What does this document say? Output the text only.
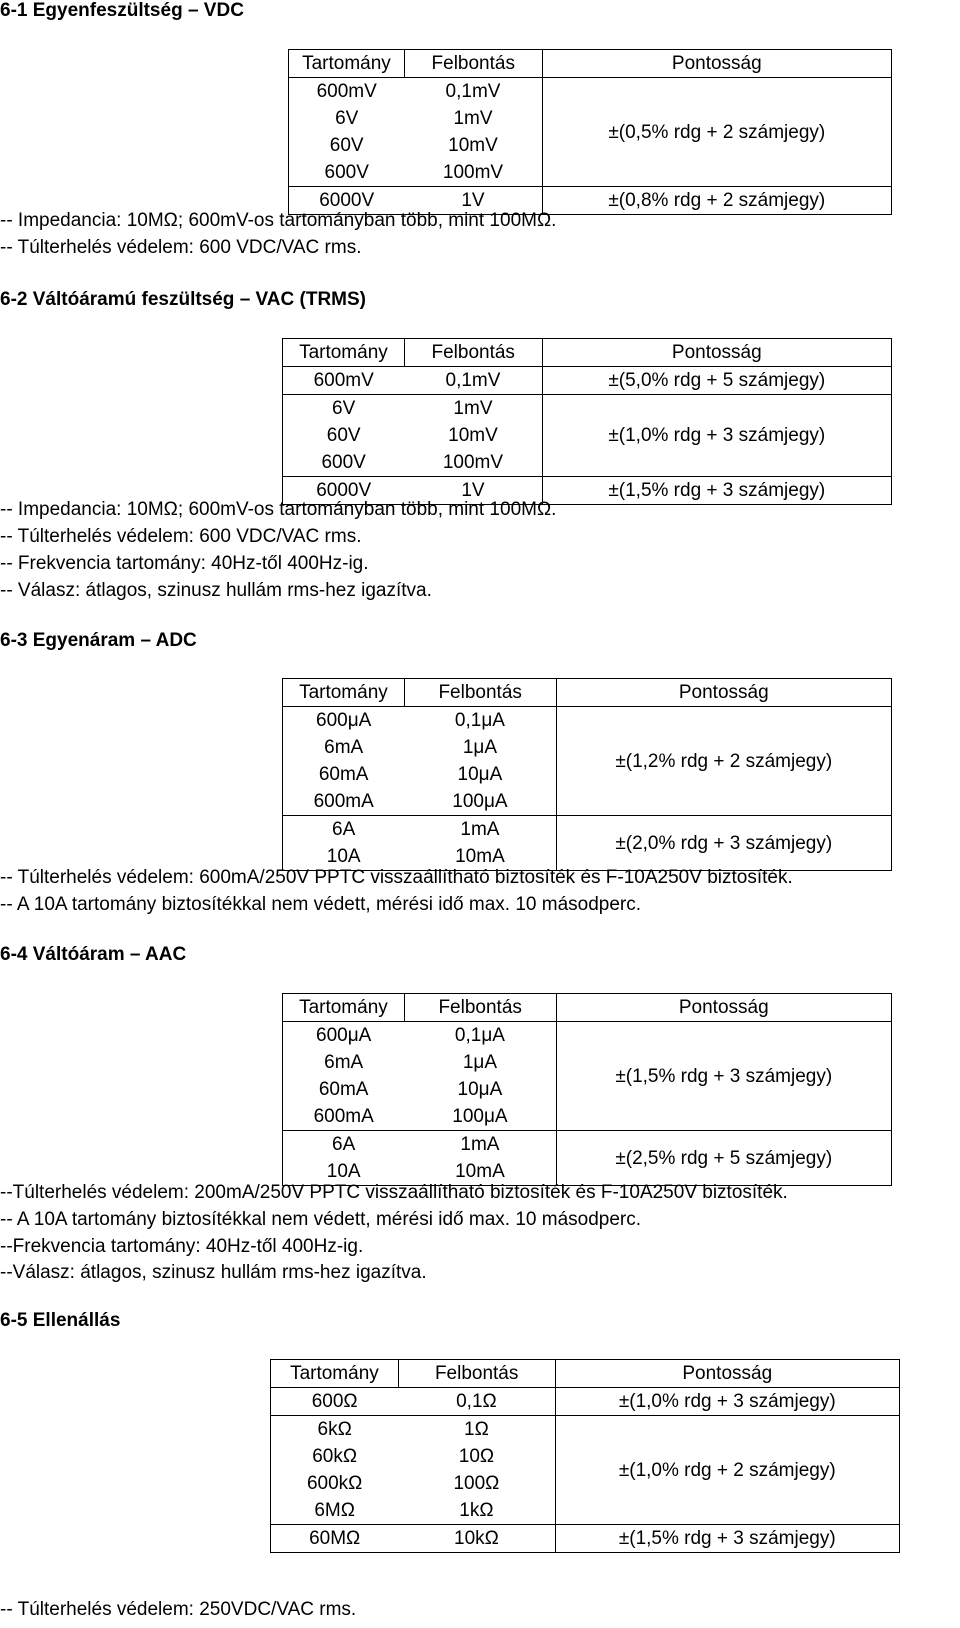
6-1 Egyenfeszültség – VDC
Tartomány	Felbontás	Pontosság
600mV	0,1mV	±(0,5% rdg + 2 számjegy)
6V	1mV	
60V	10mV	
600V	100mV	
6000V	1V	±(0,8% rdg + 2 számjegy)
-- Impedancia: 10MΩ; 600mV-os tartományban több, mint 100MΩ.
-- Túlterhelés védelem: 600 VDC/VAC rms.
6-2 Váltóáramú feszültség – VAC (TRMS)
Tartomány	Felbontás	Pontosság
600mV	0,1mV	±(5,0% rdg + 5 számjegy)
6V	1mV	±(1,0% rdg + 3 számjegy)
60V	10mV	
600V	100mV	
6000V	1V	±(1,5% rdg + 3 számjegy)
-- Impedancia: 10MΩ; 600mV-os tartományban több, mint 100MΩ.
-- Túlterhelés védelem: 600 VDC/VAC rms.
-- Frekvencia tartomány: 40Hz-től 400Hz-ig.
-- Válasz: átlagos, szinusz hullám rms-hez igazítva.
6-3 Egyenáram – ADC
Tartomány	Felbontás	Pontosság
600μA	0,1μA	±(1,2% rdg + 2 számjegy)
6mA	1μA	
60mA	10μA	
600mA	100μA	
6A	1mA	±(2,0% rdg + 3 számjegy)
10A	10mA	
-- Túlterhelés védelem: 600mA/250V PPTC visszaállítható biztosíték és F-10A250V biztosíték.
-- A 10A tartomány biztosítékkal nem védett, mérési idő max. 10 másodperc.
6-4 Váltóáram – AAC
Tartomány	Felbontás	Pontosság
600μA	0,1μA	±(1,5% rdg + 3 számjegy)
6mA	1μA	
60mA	10μA	
600mA	100μA	
6A	1mA	±(2,5% rdg + 5 számjegy)
10A	10mA	
--Túlterhelés védelem: 200mA/250V PPTC visszaállítható biztosíték és F-10A250V biztosíték.
-- A 10A tartomány biztosítékkal nem védett, mérési idő max. 10 másodperc.
--Frekvencia tartomány: 40Hz-től 400Hz-ig.
--Válasz: átlagos, szinusz hullám rms-hez igazítva.
6-5 Ellenállás
Tartomány	Felbontás	Pontosság
600Ω	0,1Ω	±(1,0% rdg + 3 számjegy)
6kΩ	1Ω	±(1,0% rdg + 2 számjegy)
60kΩ	10Ω	
600kΩ	100Ω	
6MΩ	1kΩ	
60MΩ	10kΩ	±(1,5% rdg + 3 számjegy)
-- Túlterhelés védelem: 250VDC/VAC rms.
